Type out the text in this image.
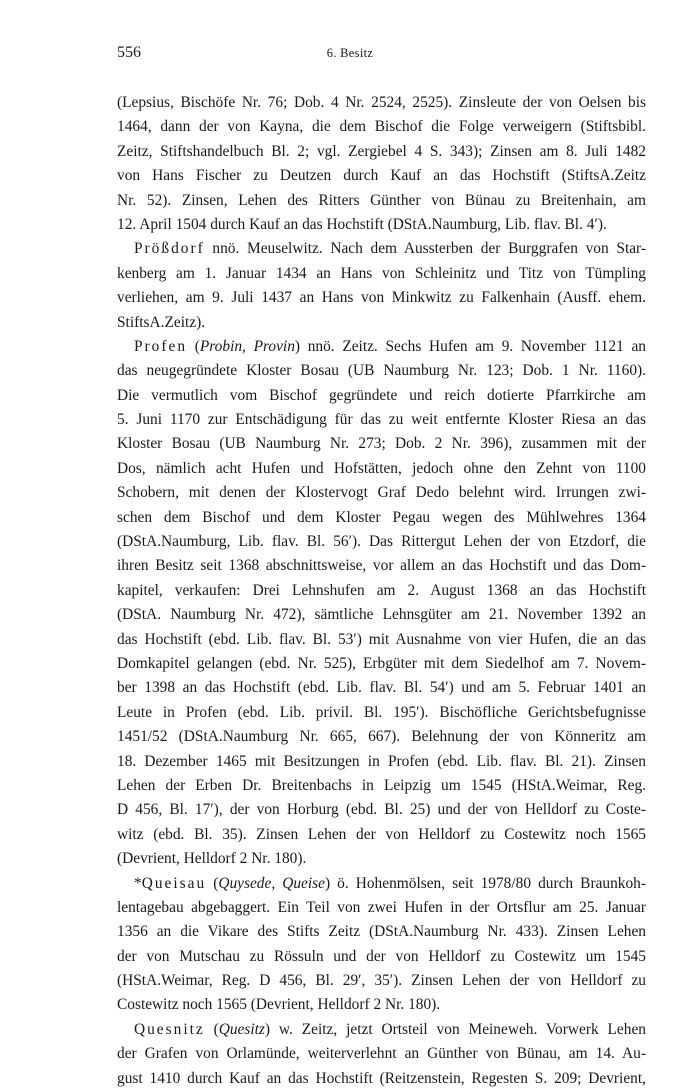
556	6. Besitz
(Lepsius, Bischöfe Nr. 76; Dob. 4 Nr. 2524, 2525). Zinsleute der von Oelsen bis
1464, dann der von Kayna, die dem Bischof die Folge verweigern (Stiftsbibl.
Zeitz, Stiftshandelbuch Bl. 2; vgl. Zergiebel 4 S. 343); Zinsen am 8. Juli 1482
von Hans Fischer zu Deutzen durch Kauf an das Hochstift (StiftsA.Zeitz
Nr. 52). Zinsen, Lehen des Ritters Günther von Bünau zu Breitenhain, am
12. April 1504 durch Kauf an das Hochstift (DStA.Naumburg, Lib. flav. Bl. 4′).
Prößdorf nnö. Meuselwitz. Nach dem Aussterben der Burggrafen von Star-
kenberg am 1. Januar 1434 an Hans von Schleinitz und Titz von Tümpling
verliehen, am 9. Juli 1437 an Hans von Minkwitz zu Falkenhain (Ausff. ehem.
StiftsA.Zeitz).
Profen (Probin, Provin) nnö. Zeitz. Sechs Hufen am 9. November 1121 an
das neugegründete Kloster Bosau (UB Naumburg Nr. 123; Dob. 1 Nr. 1160).
Die vermutlich vom Bischof gegründete und reich dotierte Pfarrkirche am
5. Juni 1170 zur Entschädigung für das zu weit entfernte Kloster Riesa an das
Kloster Bosau (UB Naumburg Nr. 273; Dob. 2 Nr. 396), zusammen mit der
Dos, nämlich acht Hufen und Hofstätten, jedoch ohne den Zehnt von 1100
Schobern, mit denen der Klostervogt Graf Dedo belehnt wird. Irrungen zwi-
schen dem Bischof und dem Kloster Pegau wegen des Mühlwehres 1364
(DStA.Naumburg, Lib. flav. Bl. 56′). Das Rittergut Lehen der von Etzdorf, die
ihren Besitz seit 1368 abschnittsweise, vor allem an das Hochstift und das Dom-
kapitel, verkaufen: Drei Lehnshufen am 2. August 1368 an das Hochstift
(DStA. Naumburg Nr. 472), sämtliche Lehnsgüter am 21. November 1392 an
das Hochstift (ebd. Lib. flav. Bl. 53′) mit Ausnahme von vier Hufen, die an das
Domkapitel gelangen (ebd. Nr. 525), Erbgüter mit dem Siedelhof am 7. Novem-
ber 1398 an das Hochstift (ebd. Lib. flav. Bl. 54′) und am 5. Februar 1401 an
Leute in Profen (ebd. Lib. privil. Bl. 195′). Bischöfliche Gerichtsbefugnisse
1451/52 (DStA.Naumburg Nr. 665, 667). Belehnung der von Könneritz am
18. Dezember 1465 mit Besitzungen in Profen (ebd. Lib. flav. Bl. 21). Zinsen
Lehen der Erben Dr. Breitenbachs in Leipzig um 1545 (HStA.Weimar, Reg.
D 456, Bl. 17′), der von Horburg (ebd. Bl. 25) und der von Helldorf zu Coste-
witz (ebd. Bl. 35). Zinsen Lehen der von Helldorf zu Costewitz noch 1565
(Devrient, Helldorf 2 Nr. 180).
*Queisau (Quysede, Queise) ö. Hohenmölsen, seit 1978/80 durch Braunkoh-
lentagebau abgebaggert. Ein Teil von zwei Hufen in der Ortsflur am 25. Januar
1356 an die Vikare des Stifts Zeitz (DStA.Naumburg Nr. 433). Zinsen Lehen
der von Mutschau zu Rössuln und der von Helldorf zu Costewitz um 1545
(HStA.Weimar, Reg. D 456, Bl. 29′, 35′). Zinsen Lehen der von Helldorf zu
Costewitz noch 1565 (Devrient, Helldorf 2 Nr. 180).
Quesnitz (Quesitz) w. Zeitz, jetzt Ortsteil von Meineweh. Vorwerk Lehen
der Grafen von Orlamünde, weiterverlehnt an Günther von Bünau, am 14. Au-
gust 1410 durch Kauf an das Hochstift (Reitzenstein, Regesten S. 209; Devrient,
